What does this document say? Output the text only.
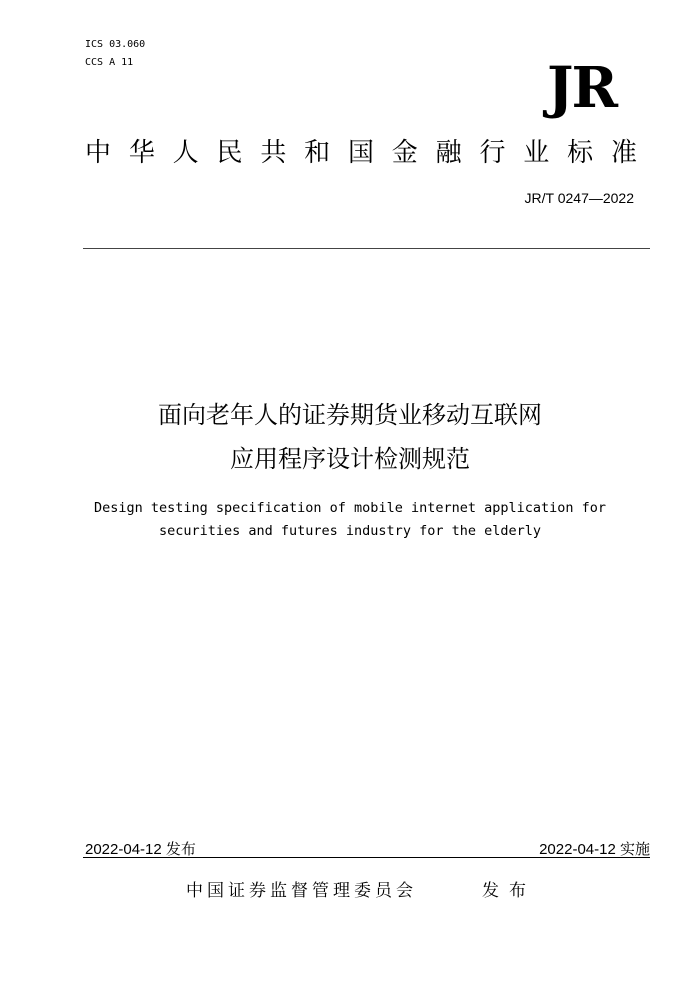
ICS 03.060
CCS A 11	JR
中 华 人 民 共 和 国 金 融 行 业 标 准
JR/T 0247—2022
面向老年人的证券期货业移动互联网
应用程序设计检测规范
Design testing specification of mobile internet application for
securities and futures industry for the elderly
2022-04-12 发布	2022-04-12 实施
中国证券监督管理委员会	发布
